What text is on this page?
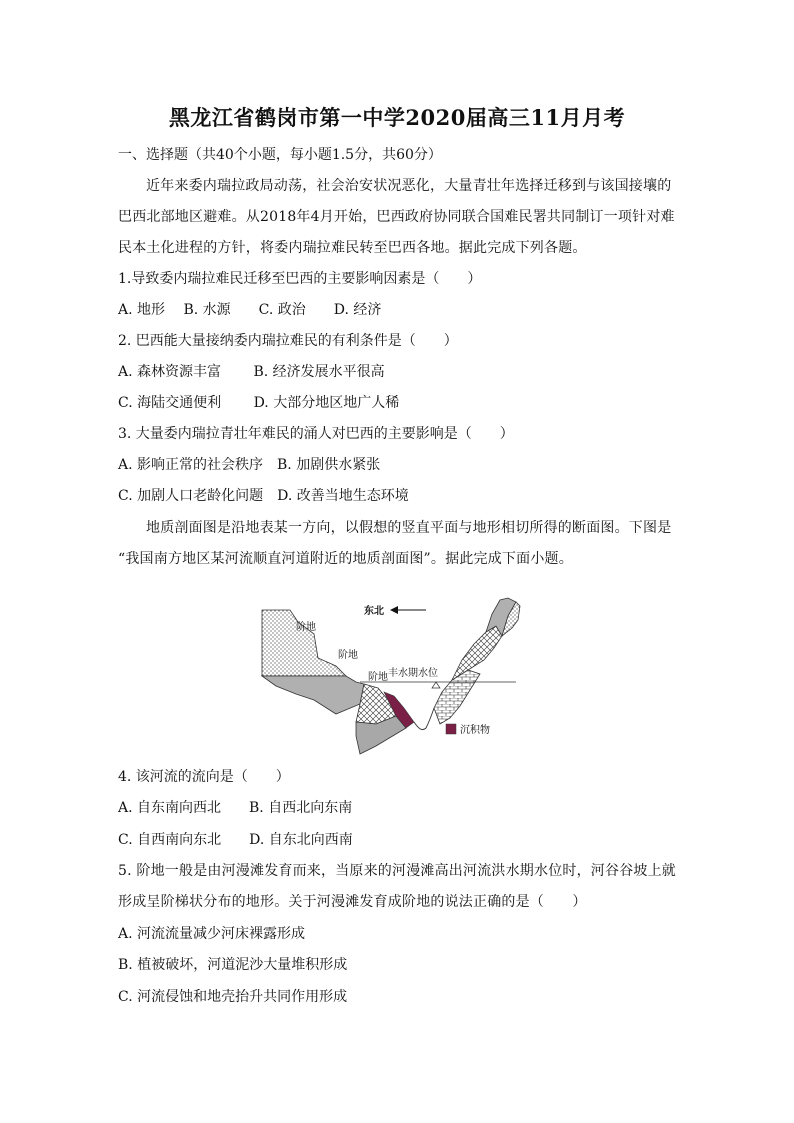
黑龙江省鹤岗市第一中学2020届高三11月月考
一、选择题（共40个小题，每小题1.5分，共60分）
近年来委内瑞拉政局动荡，社会治安状况恶化，大量青壮年选择迁移到与该国接壤的
巴西北部地区避难。从2018年4月开始，巴西政府协同联合国难民署共同制订一项针对难
民本土化进程的方针，将委内瑞拉难民转至巴西各地。据此完成下列各题。
1.导致委内瑞拉难民迁移至巴西的主要影响因素是（　　）
A. 地形　 B. 水源　　C. 政治　　D. 经济
2. 巴西能大量接纳委内瑞拉难民的有利条件是（　　）
A. 森林资源丰富　　 B. 经济发展水平很高
C. 海陆交通便利　　 D. 大部分地区地广人稀
3. 大量委内瑞拉青壮年难民的涌人对巴西的主要影响是（　　）
A. 影响正常的社会秩序　B. 加剧供水紧张
C. 加剧人口老龄化问题　D. 改善当地生态环境
地质剖面图是沿地表某一方向，以假想的竖直平面与地形相切所得的断面图。下图是
“我国南方地区某河流顺直河道附近的地质剖面图”。据此完成下面小题。
东北
阶地
阶地
阶地 丰水期水位
沉积物
4. 该河流的流向是（　　）
A. 自东南向西北　　B. 自西北向东南
C. 自西南向东北　　D. 自东北向西南
5. 阶地一般是由河漫滩发育而来，当原来的河漫滩高出河流洪水期水位时，河谷谷坡上就
形成呈阶梯状分布的地形。关于河漫滩发育成阶地的说法正确的是（　　）
A. 河流流量减少河床裸露形成
B. 植被破坏，河道泥沙大量堆积形成
C. 河流侵蚀和地壳抬升共同作用形成
